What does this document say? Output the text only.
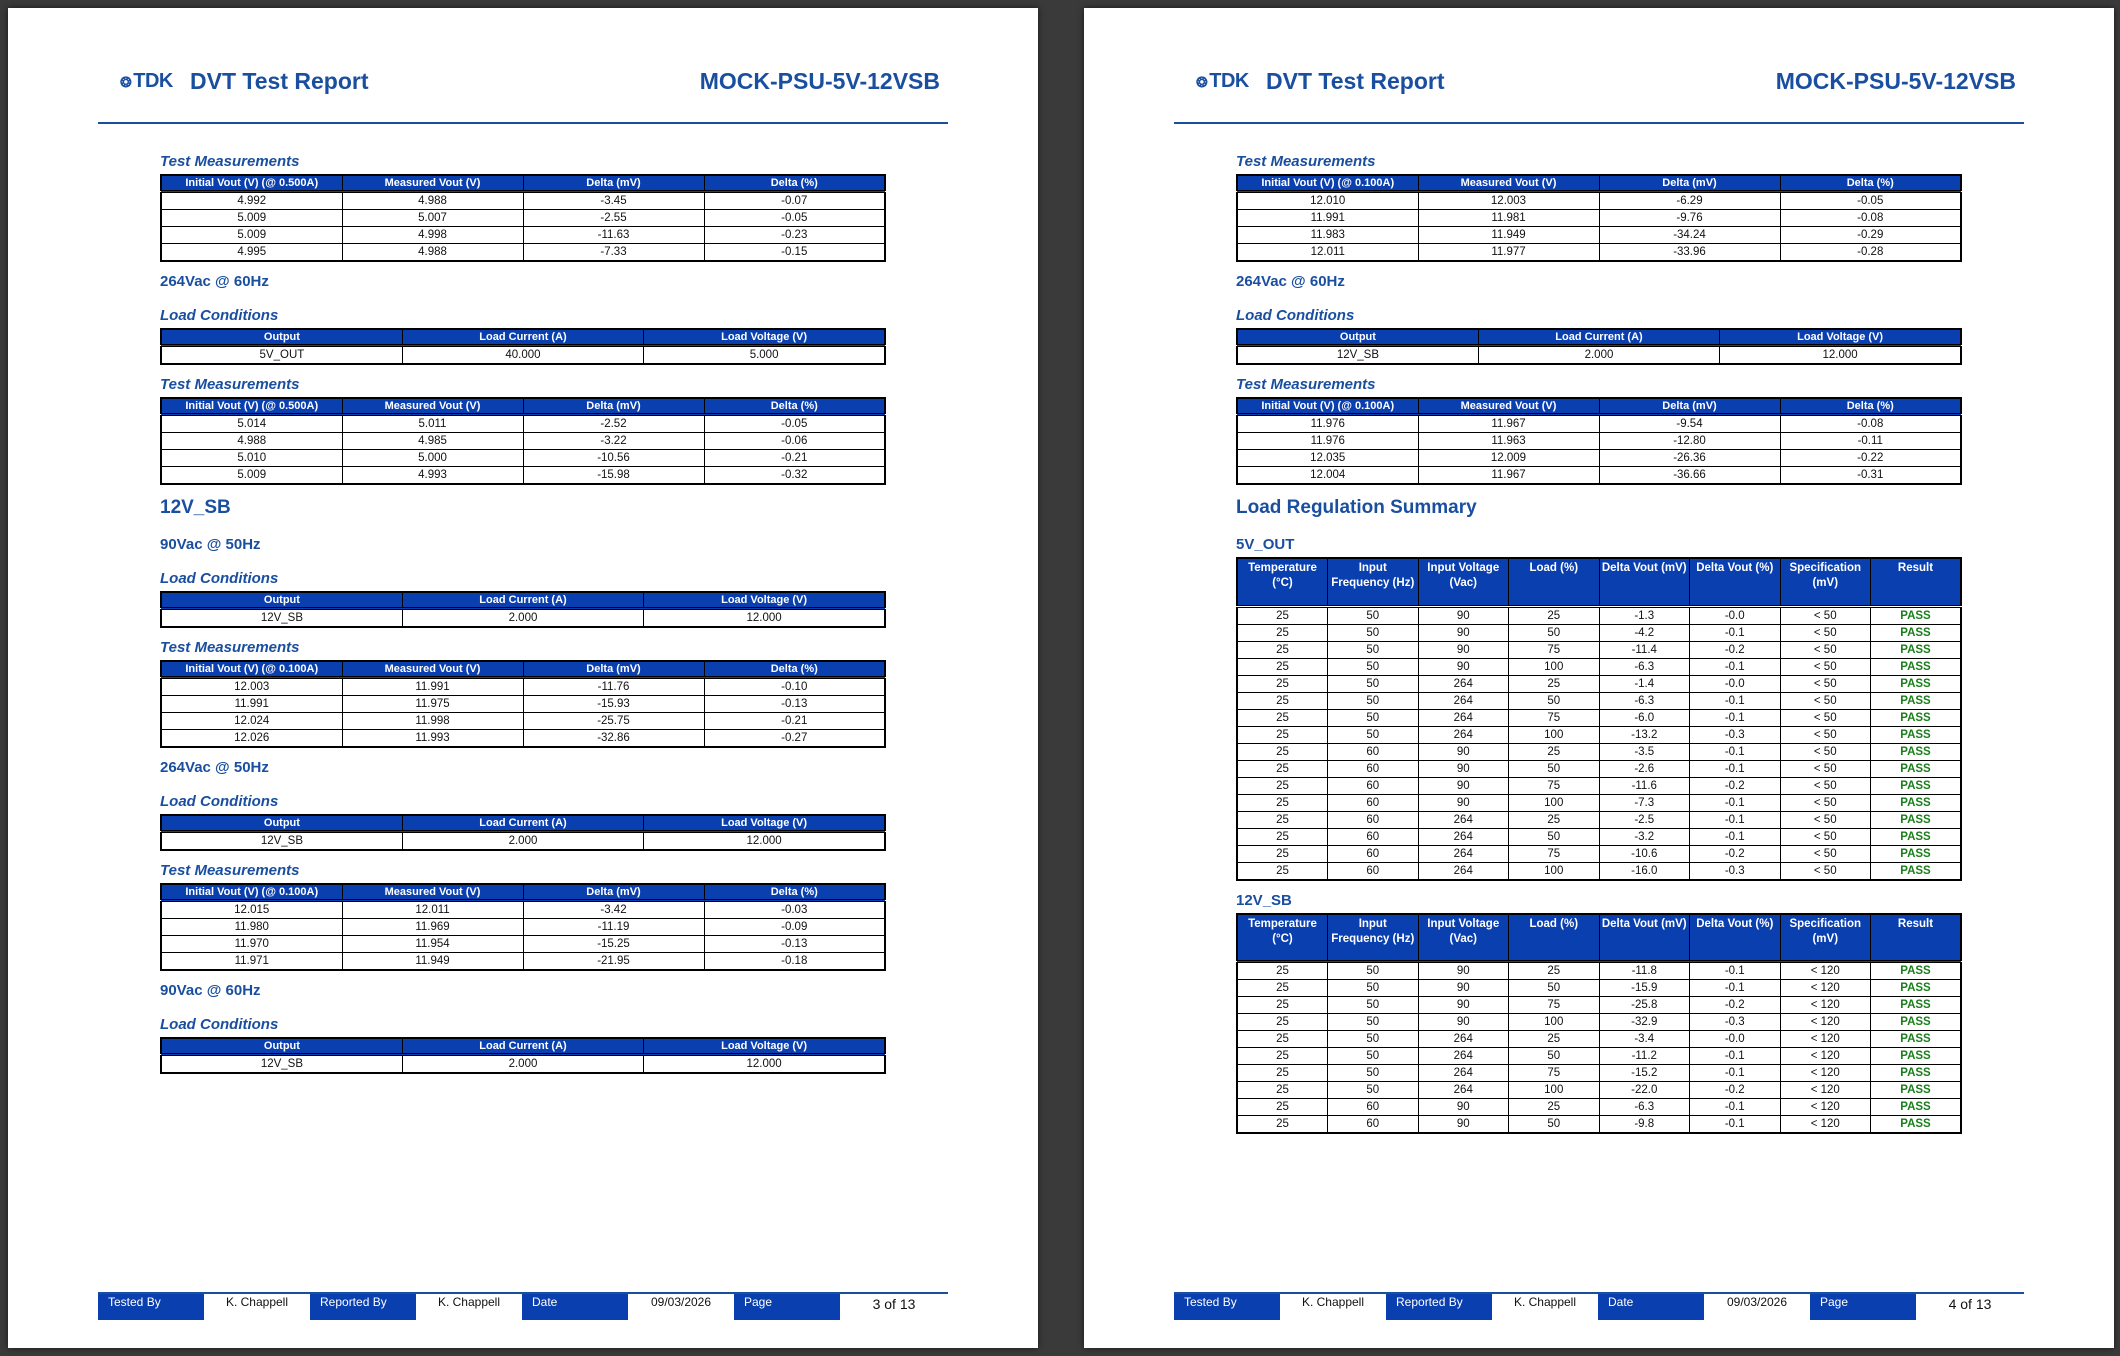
❂ TDK DVT Test Report	MOCK-PSU-5V-12VSB
Test Measurements
Initial Vout (V) (@ 0.500A)	Measured Vout (V)	Delta (mV)	Delta (%)
4.992	4.988	-3.45	-0.07
5.009	5.007	-2.55	-0.05
5.009	4.998	-11.63	-0.23
4.995	4.988	-7.33	-0.15
264Vac @ 60Hz
Load Conditions
Output	Load Current (A)	Load Voltage (V)
5V_OUT	40.000	5.000
Test Measurements
Initial Vout (V) (@ 0.500A)	Measured Vout (V)	Delta (mV)	Delta (%)
5.014	5.011	-2.52	-0.05
4.988	4.985	-3.22	-0.06
5.010	5.000	-10.56	-0.21
5.009	4.993	-15.98	-0.32
12V_SB
90Vac @ 50Hz
Load Conditions
Output	Load Current (A)	Load Voltage (V)
12V_SB	2.000	12.000
Test Measurements
Initial Vout (V) (@ 0.100A)	Measured Vout (V)	Delta (mV)	Delta (%)
12.003	11.991	-11.76	-0.10
11.991	11.975	-15.93	-0.13
12.024	11.998	-25.75	-0.21
12.026	11.993	-32.86	-0.27
264Vac @ 50Hz
Load Conditions
Output	Load Current (A)	Load Voltage (V)
12V_SB	2.000	12.000
Test Measurements
Initial Vout (V) (@ 0.100A)	Measured Vout (V)	Delta (mV)	Delta (%)
12.015	12.011	-3.42	-0.03
11.980	11.969	-11.19	-0.09
11.970	11.954	-15.25	-0.13
11.971	11.949	-21.95	-0.18
90Vac @ 60Hz
Load Conditions
Output	Load Current (A)	Load Voltage (V)
12V_SB	2.000	12.000
Tested By	K. Chappell	Reported By	K. Chappell	Date	09/03/2026	Page	3 of 13
❂ TDK DVT Test Report	MOCK-PSU-5V-12VSB
Test Measurements
Initial Vout (V) (@ 0.100A)	Measured Vout (V)	Delta (mV)	Delta (%)
12.010	12.003	-6.29	-0.05
11.991	11.981	-9.76	-0.08
11.983	11.949	-34.24	-0.29
12.011	11.977	-33.96	-0.28
264Vac @ 60Hz
Load Conditions
Output	Load Current (A)	Load Voltage (V)
12V_SB	2.000	12.000
Test Measurements
Initial Vout (V) (@ 0.100A)	Measured Vout (V)	Delta (mV)	Delta (%)
11.976	11.967	-9.54	-0.08
11.976	11.963	-12.80	-0.11
12.035	12.009	-26.36	-0.22
12.004	11.967	-36.66	-0.31
Load Regulation Summary
5V_OUT
Temperature (°C)	Input Frequency (Hz)	Input Voltage (Vac)	Load (%)	Delta Vout (mV)	Delta Vout (%)	Specification (mV)	Result
25	50	90	25	-1.3	-0.0	< 50	PASS
25	50	90	50	-4.2	-0.1	< 50	PASS
25	50	90	75	-11.4	-0.2	< 50	PASS
25	50	90	100	-6.3	-0.1	< 50	PASS
25	50	264	25	-1.4	-0.0	< 50	PASS
25	50	264	50	-6.3	-0.1	< 50	PASS
25	50	264	75	-6.0	-0.1	< 50	PASS
25	50	264	100	-13.2	-0.3	< 50	PASS
25	60	90	25	-3.5	-0.1	< 50	PASS
25	60	90	50	-2.6	-0.1	< 50	PASS
25	60	90	75	-11.6	-0.2	< 50	PASS
25	60	90	100	-7.3	-0.1	< 50	PASS
25	60	264	25	-2.5	-0.1	< 50	PASS
25	60	264	50	-3.2	-0.1	< 50	PASS
25	60	264	75	-10.6	-0.2	< 50	PASS
25	60	264	100	-16.0	-0.3	< 50	PASS
12V_SB
Temperature (°C)	Input Frequency (Hz)	Input Voltage (Vac)	Load (%)	Delta Vout (mV)	Delta Vout (%)	Specification (mV)	Result
25	50	90	25	-11.8	-0.1	< 120	PASS
25	50	90	50	-15.9	-0.1	< 120	PASS
25	50	90	75	-25.8	-0.2	< 120	PASS
25	50	90	100	-32.9	-0.3	< 120	PASS
25	50	264	25	-3.4	-0.0	< 120	PASS
25	50	264	50	-11.2	-0.1	< 120	PASS
25	50	264	75	-15.2	-0.1	< 120	PASS
25	50	264	100	-22.0	-0.2	< 120	PASS
25	60	90	25	-6.3	-0.1	< 120	PASS
25	60	90	50	-9.8	-0.1	< 120	PASS
Tested By	K. Chappell	Reported By	K. Chappell	Date	09/03/2026	Page	4 of 13
